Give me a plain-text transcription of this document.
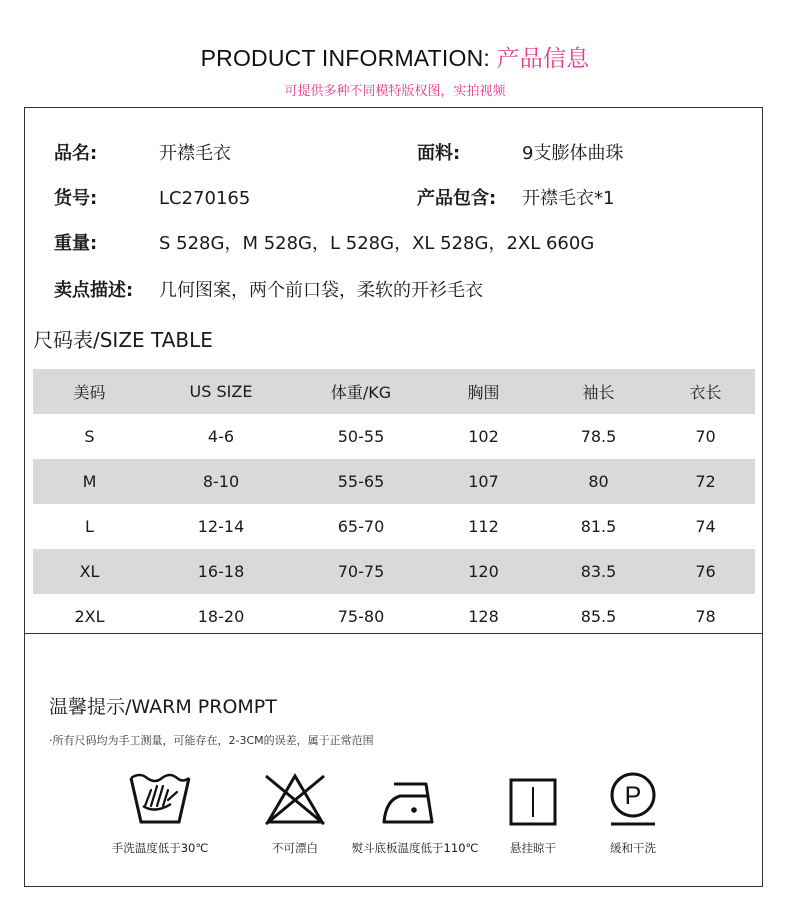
PRODUCT INFORMATION: 产品信息
可提供多种不同模特版权图，实拍视频
品名:	开襟毛衣	面料:	9支膨体曲珠
货号:	LC270165	产品包含: 开襟毛衣*1
重量:	S 528G，M 528G，L 528G，XL 528G，2XL 660G
卖点描述: 几何图案，两个前口袋，柔软的开衫毛衣
尺码表/SIZE TABLE
美码	US SIZE	体重/KG	胸围	袖长	衣长
S	4-6	50-55	102	78.5	70
M	8-10	55-65	107	80	72
L	12-14	65-70	112	81.5	74
XL	16-18	70-75	120	83.5	76
2XL	18-20	75-80	128	85.5	78
温馨提示/WARM PROMPT
·所有尺码均为手工测量，可能存在，2-3CM的误差，属于正常范围
手洗温度低于30℃	不可漂白	熨斗底板温度低于110℃	悬挂晾干
P
缓和干洗
